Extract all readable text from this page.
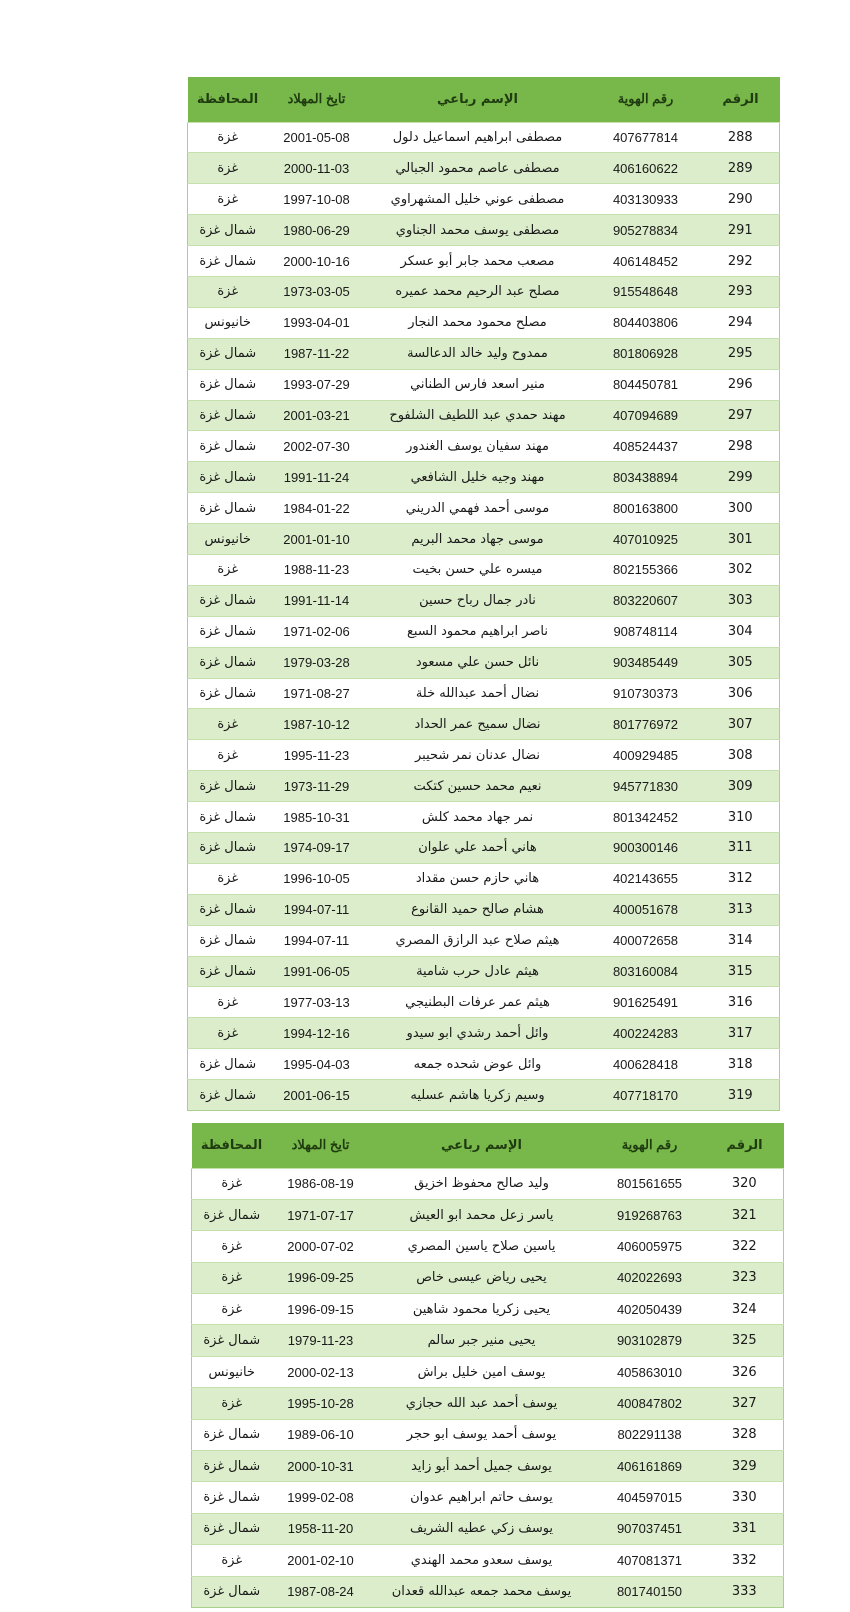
الرقم	رقم الهوية	الإسم رباعي	تايخ المهلاد	المحافظة
288	407677814	مصطفى ابراهيم اسماعيل دلول	2001-05-08	غزة
289	406160622	مصطفى عاصم محمود الجبالي	2000-11-03	غزة
290	403130933	مصطفى عوني خليل المشهراوي	1997-10-08	غزة
291	905278834	مصطفى يوسف محمد الجناوي	1980-06-29	شمال غزة
292	406148452	مصعب محمد جابر أبو عسكر	2000-10-16	شمال غزة
293	915548648	مصلح عبد الرحيم محمد عميره	1973-03-05	غزة
294	804403806	مصلح محمود محمد النجار	1993-04-01	خانيونس
295	801806928	ممدوح وليد خالد الدعالسة	1987-11-22	شمال غزة
296	804450781	منير اسعد فارس الطناني	1993-07-29	شمال غزة
297	407094689	مهند حمدي عبد اللطيف الشلفوح	2001-03-21	شمال غزة
298	408524437	مهند سفيان يوسف الغندور	2002-07-30	شمال غزة
299	803438894	مهند وجيه خليل الشافعي	1991-11-24	شمال غزة
300	800163800	موسى أحمد فهمي الدريني	1984-01-22	شمال غزة
301	407010925	موسى جهاد محمد البريم	2001-01-10	خانيونس
302	802155366	ميسره علي حسن بخيت	1988-11-23	غزة
303	803220607	نادر جمال رباح حسين	1991-11-14	شمال غزة
304	908748114	ناصر ابراهيم محمود السبع	1971-02-06	شمال غزة
305	903485449	نائل حسن علي مسعود	1979-03-28	شمال غزة
306	910730373	نضال أحمد عبدالله خلة	1971-08-27	شمال غزة
307	801776972	نضال سميح عمر الحداد	1987-10-12	غزة
308	400929485	نضال عدنان نمر شحيبر	1995-11-23	غزة
309	945771830	نعيم محمد حسين كتكت	1973-11-29	شمال غزة
310	801342452	نمر جهاد محمد كلش	1985-10-31	شمال غزة
311	900300146	هاني أحمد علي علوان	1974-09-17	شمال غزة
312	402143655	هاني حازم حسن مقداد	1996-10-05	غزة
313	400051678	هشام صالح حميد القانوع	1994-07-11	شمال غزة
314	400072658	هيثم صلاح عبد الرازق المصري	1994-07-11	شمال غزة
315	803160084	هيثم عادل حرب شامية	1991-06-05	شمال غزة
316	901625491	هيثم عمر عرفات البطنيجي	1977-03-13	غزة
317	400224283	وائل أحمد رشدي ابو سيدو	1994-12-16	غزة
318	400628418	وائل عوض شحده جمعه	1995-04-03	شمال غزة
319	407718170	وسيم زكريا هاشم عسليه	2001-06-15	شمال غزة
الرقم	رقم الهوية	الإسم رباعي	تايخ المهلاد	المحافظة
320	801561655	وليد صالح محفوظ اخزيق	1986-08-19	غزة
321	919268763	ياسر زعل محمد ابو العيش	1971-07-17	شمال غزة
322	406005975	ياسين صلاح ياسين المصري	2000-07-02	غزة
323	402022693	يحيى رياض عيسى خاص	1996-09-25	غزة
324	402050439	يحيى زكريا محمود شاهين	1996-09-15	غزة
325	903102879	يحيى منير جبر سالم	1979-11-23	شمال غزة
326	405863010	يوسف امين خليل براش	2000-02-13	خانيونس
327	400847802	يوسف أحمد عبد الله حجازي	1995-10-28	غزة
328	802291138	يوسف أحمد يوسف ابو حجر	1989-06-10	شمال غزة
329	406161869	يوسف جميل أحمد أبو زايد	2000-10-31	شمال غزة
330	404597015	يوسف حاتم ابراهيم عدوان	1999-02-08	شمال غزة
331	907037451	يوسف زكي عطيه الشريف	1958-11-20	شمال غزة
332	407081371	يوسف سعدو محمد الهندي	2001-02-10	غزة
333	801740150	يوسف محمد جمعه عبدالله قعدان	1987-08-24	شمال غزة
